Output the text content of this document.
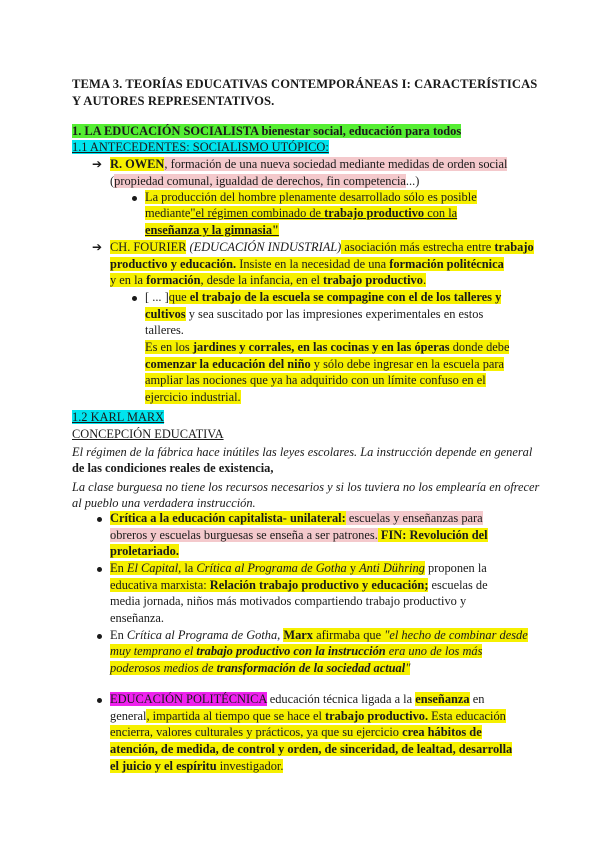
TEMA 3. TEORÍAS EDUCATIVAS CONTEMPORÁNEAS I: CARACTERÍSTICAS
Y AUTORES REPRESENTATIVOS.
1. LA EDUCACIÓN SOCIALISTA bienestar social, educación para todos
1.1 ANTECEDENTES: SOCIALISMO UTÓPICO:
➔ R. OWEN, formación de una nueva sociedad mediante medidas de orden social
(propiedad comunal, igualdad de derechos, fin competencia...)
La producción del hombre plenamente desarrollado sólo es posible
mediante"el régimen combinado de trabajo productivo con la
enseñanza y la gimnasia"
➔ CH. FOURIER (EDUCACIÓN INDUSTRIAL) asociación más estrecha entre trabajo
productivo y educación. Insiste en la necesidad de una formación politécnica
y en la formación, desde la infancia, en el trabajo productivo.
[ ... ]que el trabajo de la escuela se compagine con el de los talleres y
cultivos y sea suscitado por las impresiones experimentales en estos
talleres.
Es en los jardines y corrales, en las cocinas y en las óperas donde debe
comenzar la educación del niño y sólo debe ingresar en la escuela para
ampliar las nociones que ya ha adquirido con un límite confuso en el
ejercicio industrial.
1.2 KARL MARX
CONCEPCIÓN EDUCATIVA
El régimen de la fábrica hace inútiles las leyes escolares. La instrucción depende en general
de las condiciones reales de existencia,
La clase burguesa no tiene los recursos necesarios y si los tuviera no los emplearía en ofrecer
al pueblo una verdadera instrucción.
Crítica a la educación capitalista- unilateral: escuelas y enseñanzas para
obreros y escuelas burguesas se enseña a ser patrones. FIN: Revolución del
proletariado.
En El Capital, la Crítica al Programa de Gotha y Anti Dühring proponen la
educativa marxista: Relación trabajo productivo y educación; escuelas de
media jornada, niños más motivados compartiendo trabajo productivo y
enseñanza.
En Crítica al Programa de Gotha, Marx afirmaba que "el hecho de combinar desde
muy temprano el trabajo productivo con la instrucción era uno de los más
poderosos medios de transformación de la sociedad actual"
EDUCACIÓN POLITÉCNICA educación técnica ligada a la enseñanza en
general, impartida al tiempo que se hace el trabajo productivo. Esta educación
encierra, valores culturales y prácticos, ya que su ejercicio crea hábitos de
atención, de medida, de control y orden, de sinceridad, de lealtad, desarrolla
el juicio y el espíritu investigador.
